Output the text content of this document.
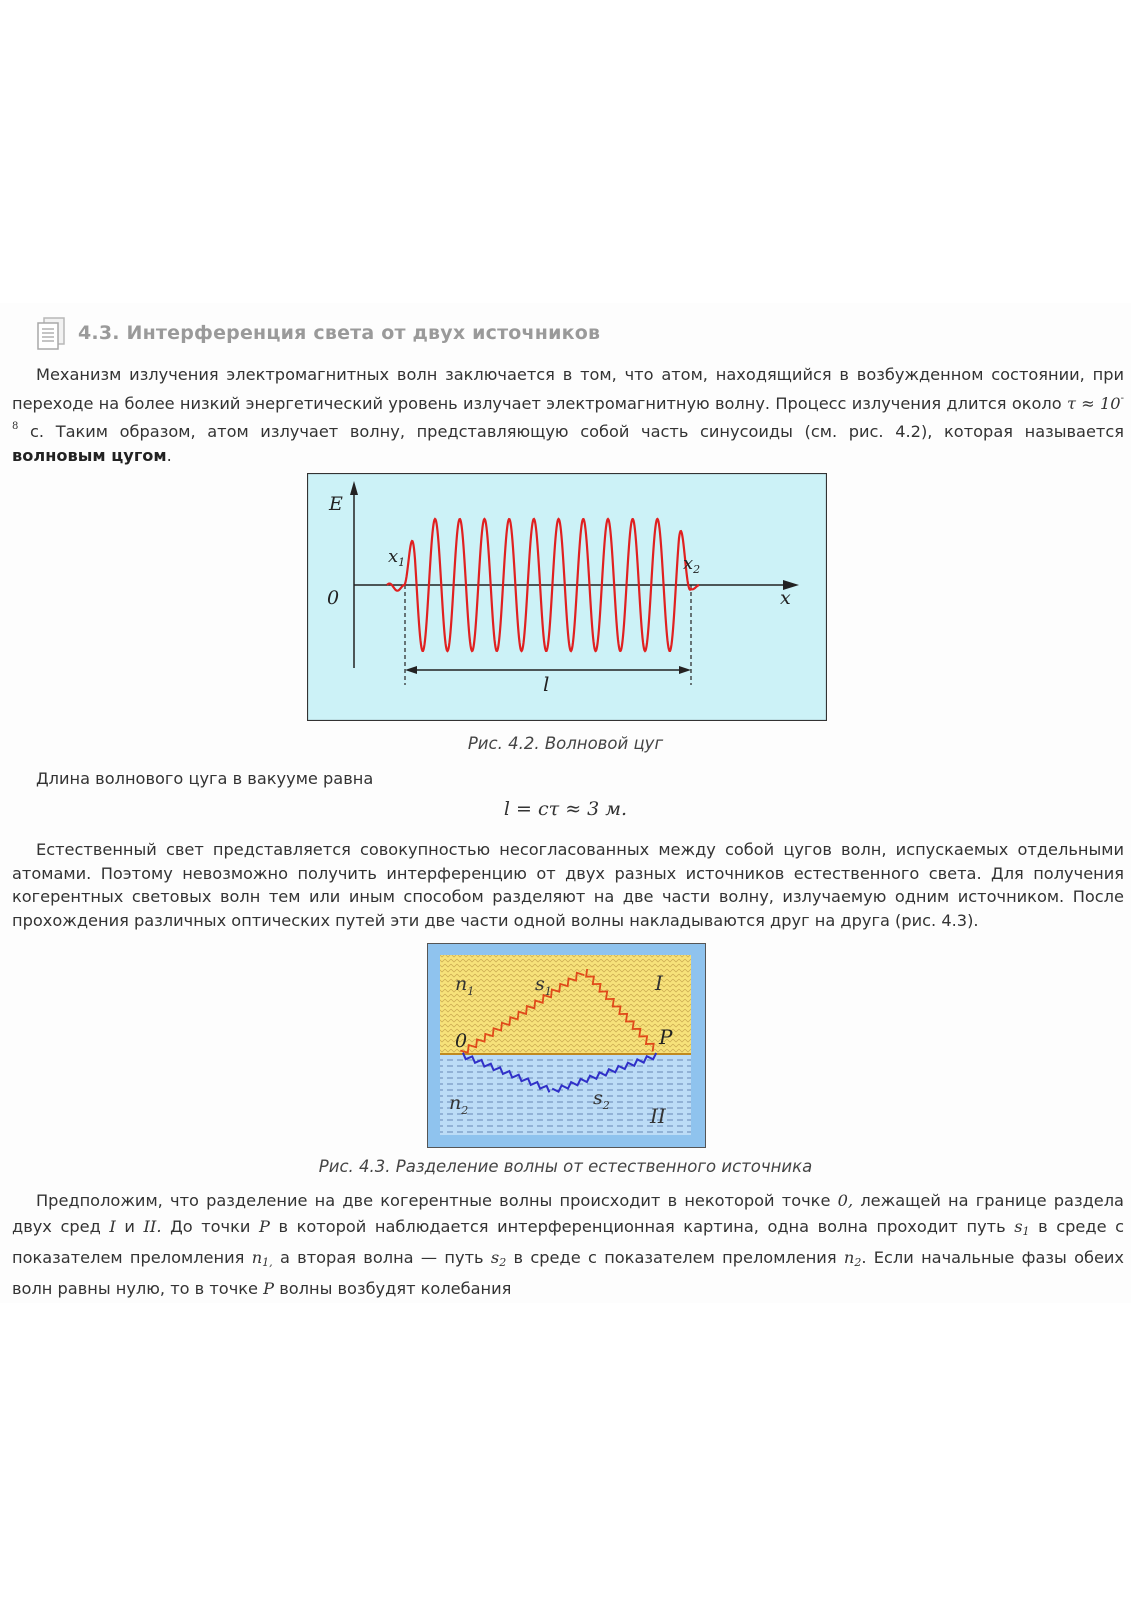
4.3. Интерференция света от двух источников
Механизм излучения электромагнитных волн заключается в том, что атом, находящийся в возбужденном состоянии, при переходе на более низкий энергетический уровень излучает электромагнитную волну. Процесс излучения длится около $\tau \approx 10^{-8}$ с. Таким образом, атом излучает волну, представляющую собой часть синусоиды (см. рис. 4.2), которая называется волновым цугом.
E
x
0
$x_1$	$x_2$
l
Рис. 4.2. Волновой цуг
Длина волнового цуга в вакууме равна
l = cτ ≈ 3 м.
Естественный свет представляется совокупностью несогласованных между собой цугов волн, испускаемых отдельными атомами. Поэтому невозможно получить интерференцию от двух разных источников естественного света. Для получения когерентных световых волн тем или иным способом разделяют на две части волну, излучаемую одним источником. После прохождения различных оптических путей эти две части одной волны накладываются друг на друга (рис. 4.3).
$n_1$	$s_1$	I
0	P
$n_2$
$s_2$ II
Рис. 4.3. Разделение волны от естественного источника
Предположим, что разделение на две когерентные волны происходит в некоторой точке 0, лежащей на границе раздела двух сред I и II. До точки P в которой наблюдается интерференционная картина, одна волна проходит путь $s_1$ в среде с показателем преломления $n_{1,}$ а вторая волна — путь $s_2$ в среде с показателем преломления $n_2$. Если начальные фазы обеих волн равны нулю, то в точке P волны возбудят колебания
